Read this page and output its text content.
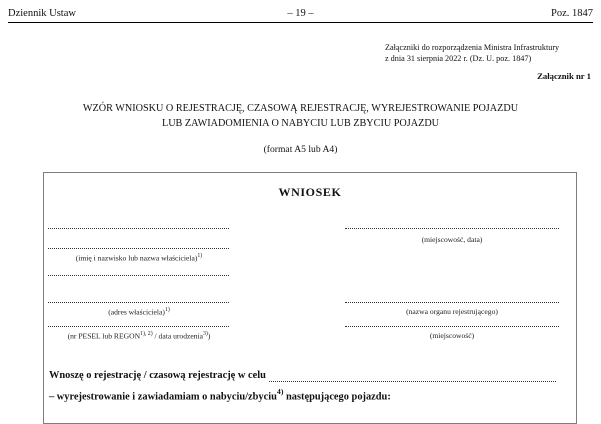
Dziennik Ustaw	– 19 –	Poz. 1847
Załączniki do rozporządzenia Ministra Infrastruktury
z dnia 31 sierpnia 2022 r. (Dz. U. poz. 1847)
Załącznik nr 1
WZÓR WNIOSKU O REJESTRACJĘ, CZASOWĄ REJESTRACJĘ, WYREJESTROWANIE POJAZDU
LUB ZAWIADOMIENIA O NABYCIU LUB ZBYCIU POJAZDU
(format A5 lub A4)
WNIOSEK
(imię i nazwisko lub nazwa właściciela)$^{1)}$
(adres właściciela)$^{1)}$
(nr PESEL lub $REGON^{1), 2)}$ / data urodzenia$^{3)}$)
(miejscowość, data)
(nazwa organu rejestrującego)
(miejscowość)
Wnoszę o rejestrację / czasową rejestrację w celu
– wyrejestrowanie i zawiadamiam o nabyciu/zbyciu$^{4)}$ następującego pojazdu:
